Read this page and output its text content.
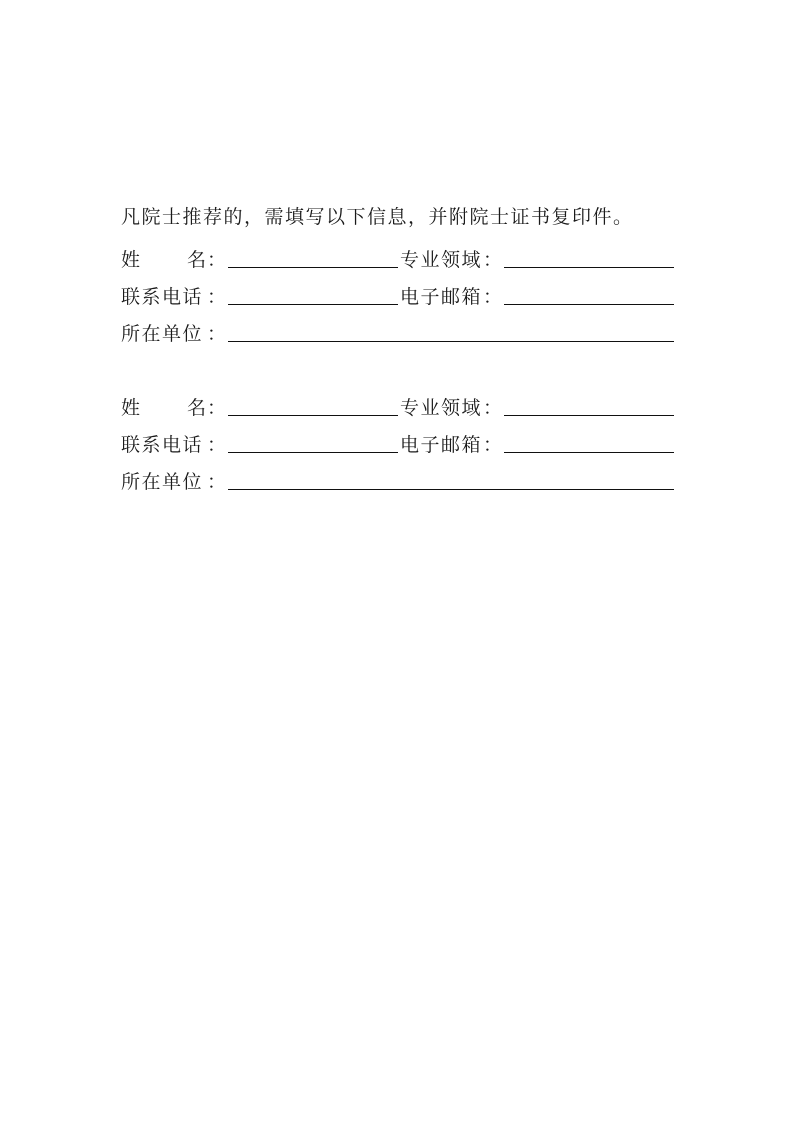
凡院士推荐的，需填写以下信息，并附院士证书复印件。
姓 名 ：	专业领域 ：
联系电话 ：	电子邮箱 ：
所在单位 ：
姓 名 ：	专业领域 ：
联系电话 ：	电子邮箱 ：
所在单位 ：
